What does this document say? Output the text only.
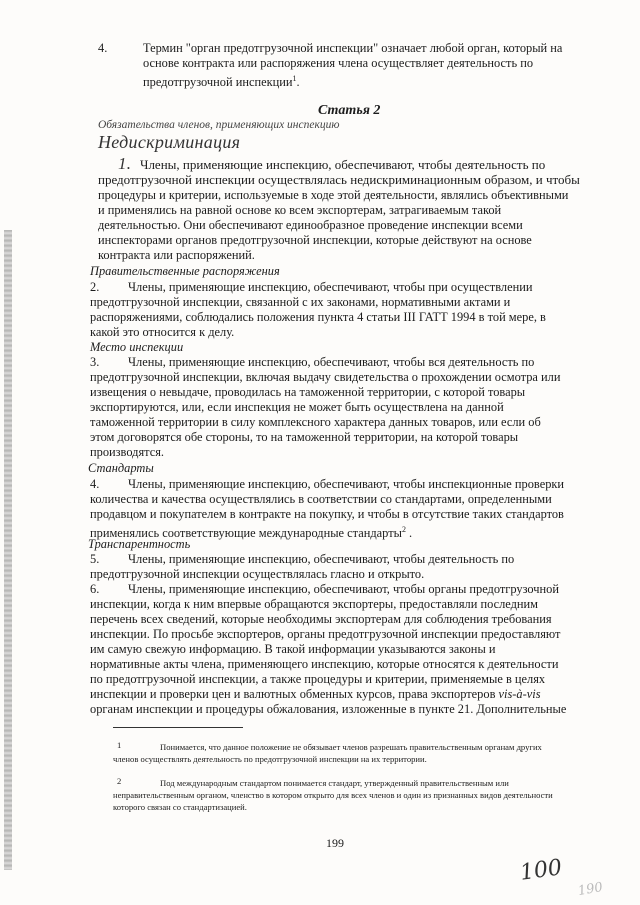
4.	Термин "орган предотгрузочной инспекции" означает любой орган, который на
основе контракта или распоряжения члена осуществляет деятельность по
предотгрузочной инспекции$^1$.
Статья 2
Обязательства членов, применяющих инспекцию
Недискриминация
1. Члены, применяющие инспекцию, обеспечивают, чтобы деятельность по
предотгрузочной инспекции осуществлялась недискриминационным образом, и чтобы
процедуры и критерии, используемые в ходе этой деятельности, являлись объективными
и применялись на равной основе ко всем экспортерам, затрагиваемым такой
деятельностью. Они обеспечивают единообразное проведение инспекции всеми
инспекторами органов предотгрузочной инспекции, которые действуют на основе
контракта или распоряжений.
Правительственные распоряжения
2. Члены, применяющие инспекцию, обеспечивают, чтобы при осуществлении
предотгрузочной инспекции, связанной с их законами, нормативными актами и
распоряжениями, соблюдались положения пункта 4 статьи III ГАТТ 1994 в той мере, в
какой это относится к делу.
Место инспекции
3. Члены, применяющие инспекцию, обеспечивают, чтобы вся деятельность по
предотгрузочной инспекции, включая выдачу свидетельства о прохождении осмотра или
извещения о невыдаче, проводилась на таможенной территории, с которой товары
экспортируются, или, если инспекция не может быть осуществлена на данной
таможенной территории в силу комплексного характера данных товаров, или если об
этом договорятся обе стороны, то на таможенной территории, на которой товары
производятся.
Стандарты
4. Члены, применяющие инспекцию, обеспечивают, чтобы инспекционные проверки
количества и качества осуществлялись в соответствии со стандартами, определенными
продавцом и покупателем в контракте на покупку, и чтобы в отсутствие таких стандартов
применялись соответствующие международные стандарты$^2$ .
Транспарентность
5. Члены, применяющие инспекцию, обеспечивают, чтобы деятельность по
предотгрузочной инспекции осуществлялась гласно и открыто.
6. Члены, применяющие инспекцию, обеспечивают, чтобы органы предотгрузочной
инспекции, когда к ним впервые обращаются экспортеры, предоставляли последним
перечень всех сведений, которые необходимы экспортерам для соблюдения требования
инспекции. По просьбе экспортеров, органы предотгрузочной инспекции предоставляют
им самую свежую информацию. В такой информации указываются законы и
нормативные акты члена, применяющего инспекцию, которые относятся к деятельности
по предотгрузочной инспекции, а также процедуры и критерии, применяемые в целях
инспекции и проверки цен и валютных обменных курсов, права экспортеров vis-à-vis
органам инспекции и процедуры обжалования, изложенные в пункте 21. Дополнительные
1	Понимается, что данное положение не обязывает членов разрешать правительственным органам других
членов осуществлять деятельность по предотгрузочной инспекции на их территории.
2	Под международным стандартом понимается стандарт, утвержденный правительственным или
неправительственным органом, членство в котором открыто для всех членов и один из признанных видов деятельности
которого связан со стандартизацией.
199
100
190
